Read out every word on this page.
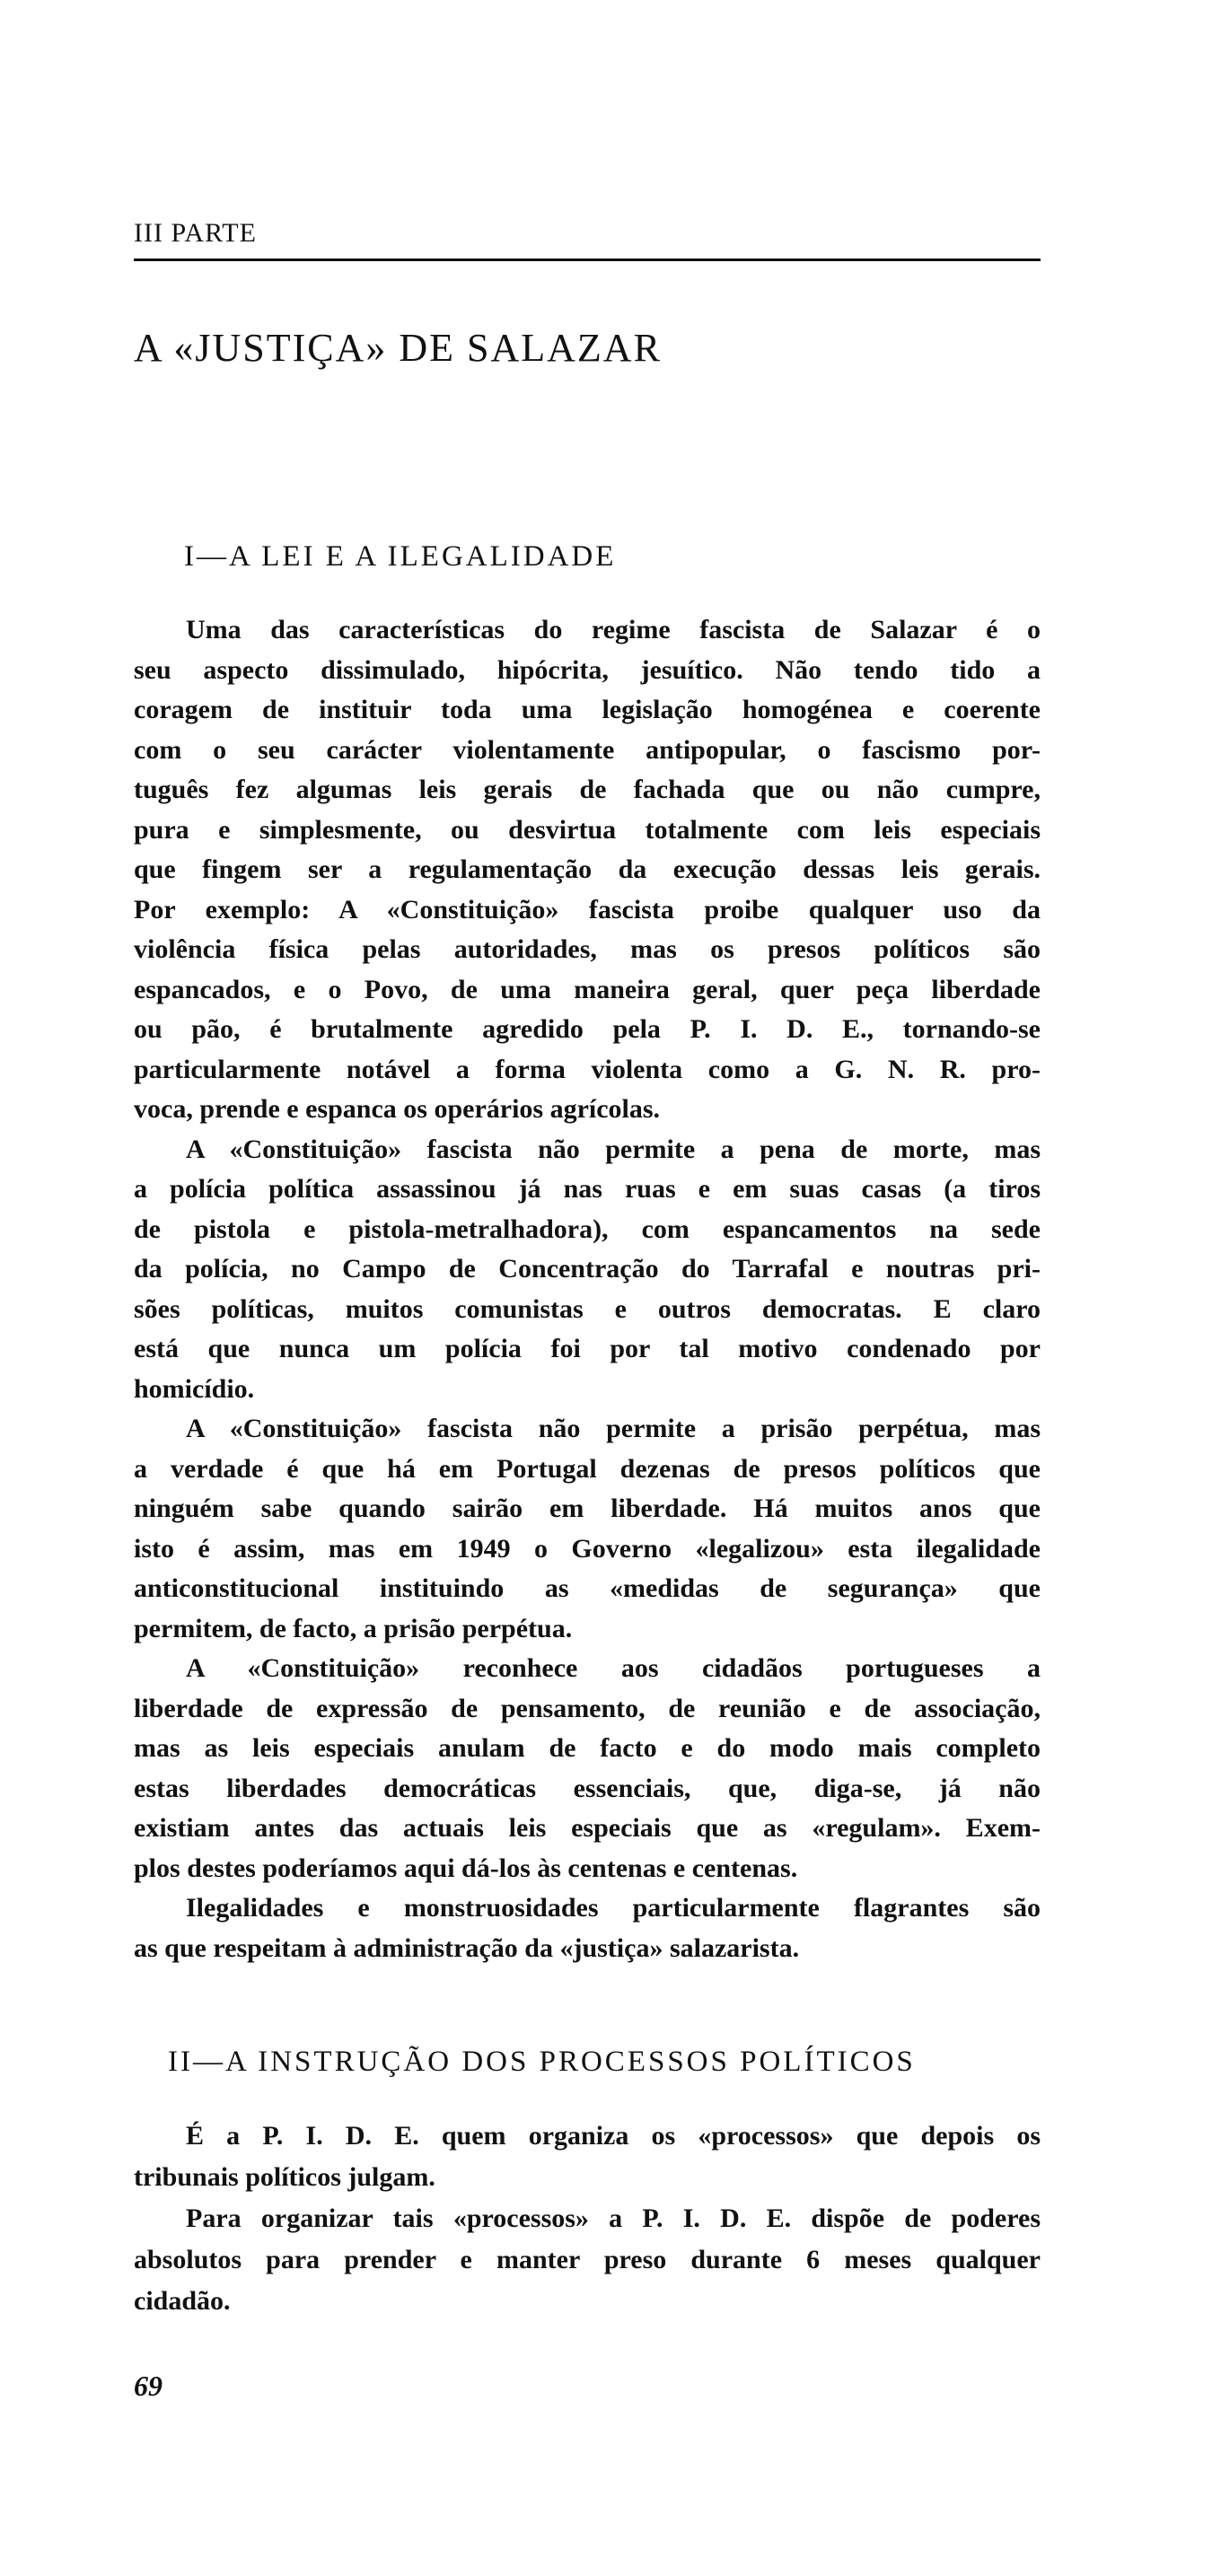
III PARTE
A «JUSTIÇA» DE SALAZAR
I—A LEI E A ILEGALIDADE
Uma das características do regime fascista de Salazar é o
seu aspecto dissimulado, hipócrita, jesuítico. Não tendo tido a
coragem de instituir toda uma legislação homogénea e coerente
com o seu carácter violentamente antipopular, o fascismo por-
tuguês fez algumas leis gerais de fachada que ou não cumpre,
pura e simplesmente, ou desvirtua totalmente com leis especiais
que fingem ser a regulamentação da execução dessas leis gerais.
Por exemplo: A «Constituição» fascista proibe qualquer uso da
violência física pelas autoridades, mas os presos políticos são
espancados, e o Povo, de uma maneira geral, quer peça liberdade
ou pão, é brutalmente agredido pela P. I. D. E., tornando-se
particularmente notável a forma violenta como a G. N. R. pro-
voca, prende e espanca os operários agrícolas.
A «Constituição» fascista não permite a pena de morte, mas
a polícia política assassinou já nas ruas e em suas casas (a tiros
de pistola e pistola-metralhadora), com espancamentos na sede
da polícia, no Campo de Concentração do Tarrafal e noutras pri-
sões políticas, muitos comunistas e outros democratas. E claro
está que nunca um polícia foi por tal motivo condenado por
homicídio.
A «Constituição» fascista não permite a prisão perpétua, mas
a verdade é que há em Portugal dezenas de presos políticos que
ninguém sabe quando sairão em liberdade. Há muitos anos que
isto é assim, mas em 1949 o Governo «legalizou» esta ilegalidade
anticonstitucional instituindo as «medidas de segurança» que
permitem, de facto, a prisão perpétua.
A «Constituição» reconhece aos cidadãos portugueses a
liberdade de expressão de pensamento, de reunião e de associação,
mas as leis especiais anulam de facto e do modo mais completo
estas liberdades democráticas essenciais, que, diga-se, já não
existiam antes das actuais leis especiais que as «regulam». Exem-
plos destes poderíamos aqui dá-los às centenas e centenas.
Ilegalidades e monstruosidades particularmente flagrantes são
as que respeitam à administração da «justiça» salazarista.
II—A INSTRUÇÃO DOS PROCESSOS POLÍTICOS
É a P. I. D. E. quem organiza os «processos» que depois os
tribunais políticos julgam.
Para organizar tais «processos» a P. I. D. E. dispõe de poderes
absolutos para prender e manter preso durante 6 meses qualquer
cidadão.
69
